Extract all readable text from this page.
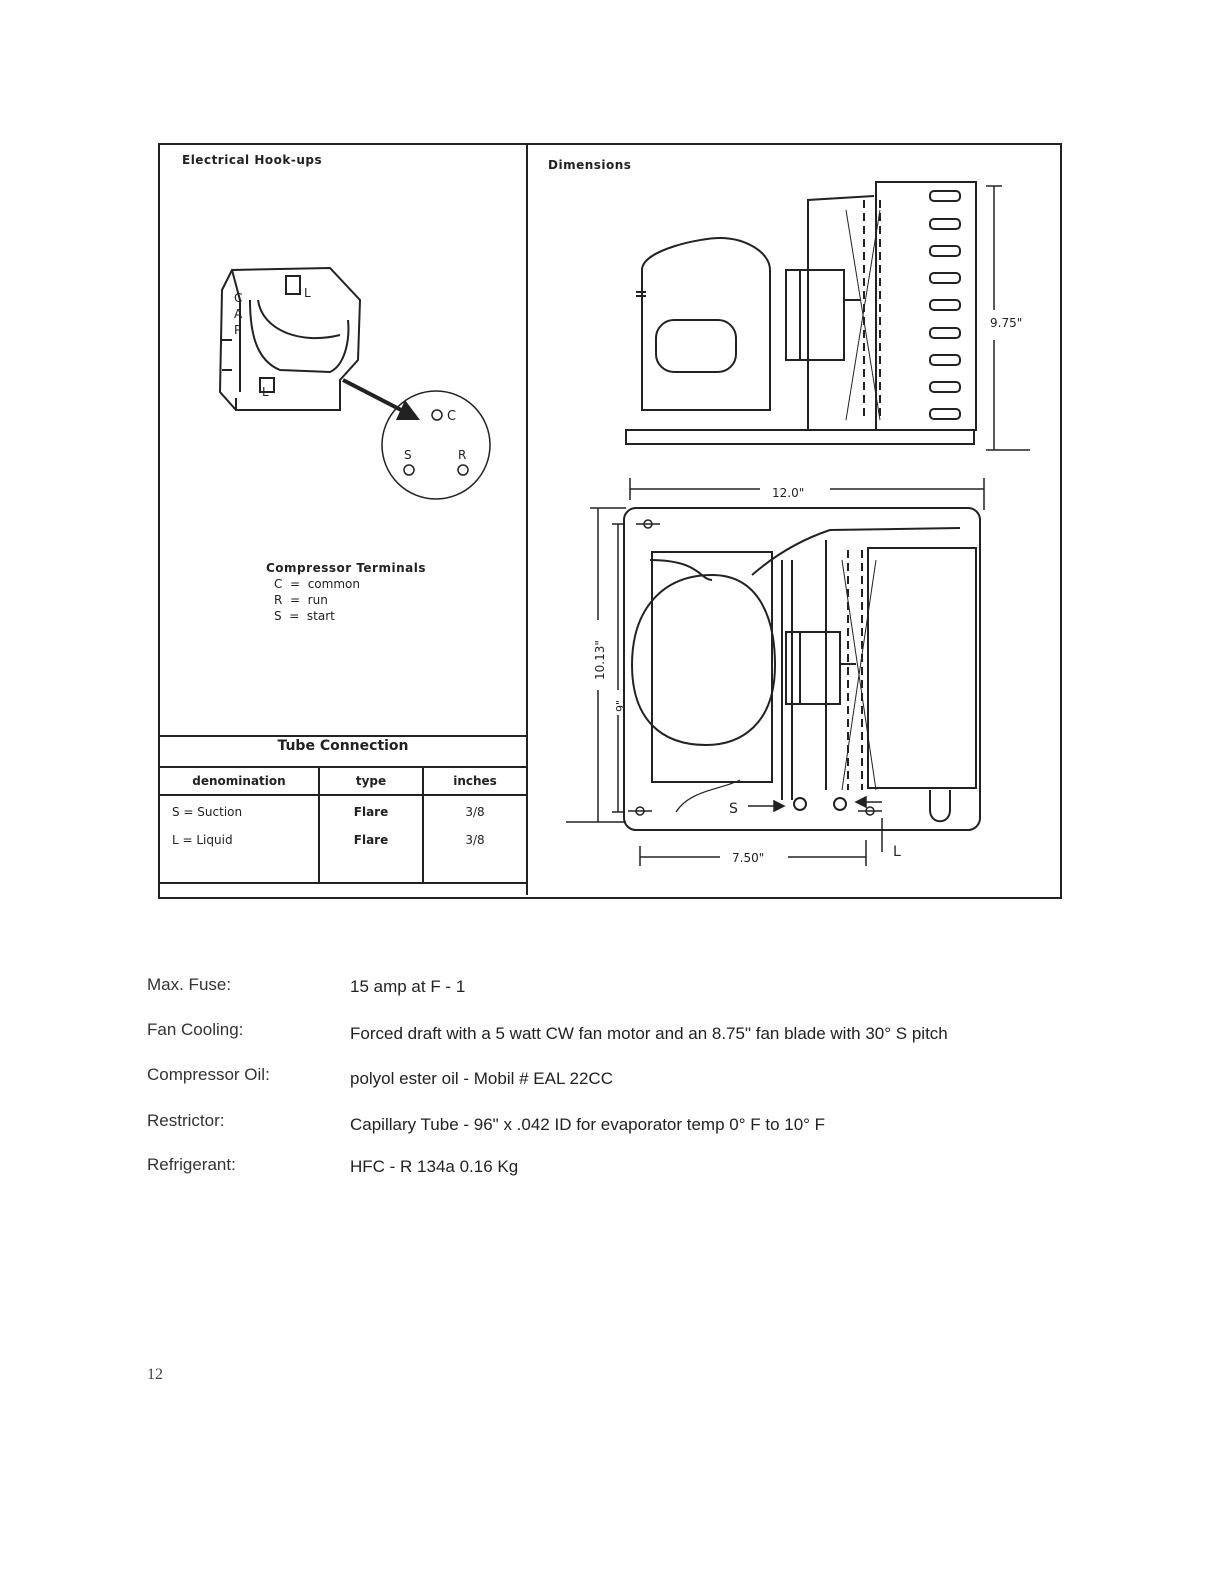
Electrical Hook-ups	Dimensions
C
A
P
L
L
C
S	R
9.75"
12.0"
10.13"
9"
S
L
7.50"
Compressor Terminals
C  =  common
R  =  run
S  =  start
Tube Connection
denomination	type	inches
S = Suction	Flare	3/8
L = Liquid	Flare	3/8
Max. Fuse:	15 amp at F - 1
Fan Cooling:	Forced draft with a 5 watt CW fan motor and an 8.75" fan blade with 30° S pitch
Compressor Oil:	polyol ester oil - Mobil # EAL 22CC
Restrictor:	Capillary Tube - 96" x .042 ID for evaporator temp 0° F to 10° F
Refrigerant:	HFC - R 134a 0.16 Kg
12
